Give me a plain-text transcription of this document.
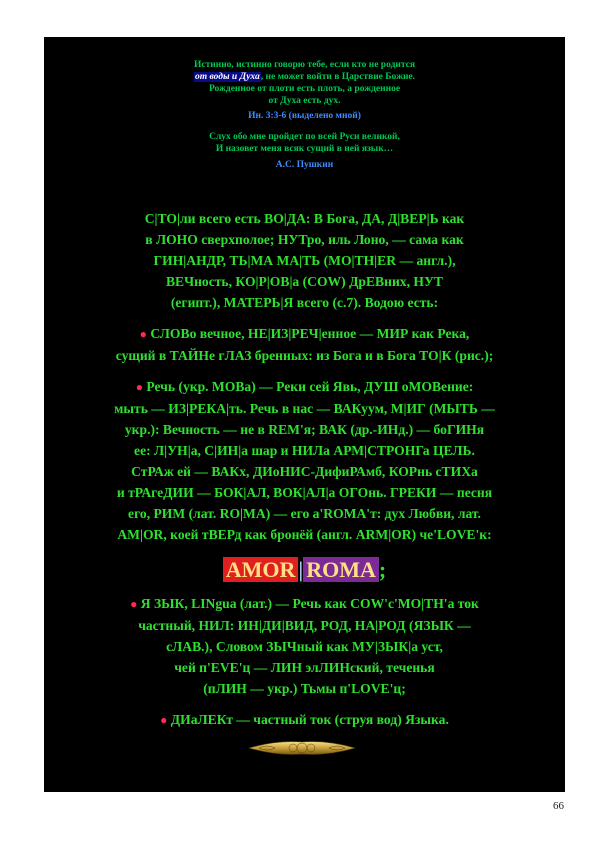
Истинно, истинно говорю тебе, если кто не родится
от воды и Духа, не может войти в Царствие Божие.
Рожденное от плоти есть плоть, а рожденное
от Духа есть дух.
Ин. 3:3-6 (выделено мной)
Слух обо мне пройдет по всей Руси великой,
И назовет меня всяк сущий в ней язык…
А.С. Пушкин
С|ТО|ли всего есть ВО|ДА: В Бога, ДА, Д|ВЕР|Ь как
в ЛОНО сверхполое; НУТро, иль Лоно, — сама как
ГИН|АНДР, ТЬ|МА МА|ТЬ (МО|ТН|ER — англ.),
ВЕЧность, КО|Р|ОВ|а (COW) ДрЕВних, НУТ
(египт.), МАТЕРЬ|Я всего (с.7). Водою есть:
● СЛОВо вечное, НЕ|ИЗ|РЕЧ|енное — МИР как Река,
сущий в ТАЙНе гЛАЗ бренных: из Бога и в Бога ТО|К (рис.);
● Речь (укр. МОВа) — Реки сей Явь, ДУШ оМОВение:
мыть — ИЗ|РЕКА|ть. Речь в нас — ВАКуум, М|ИГ (МЫТЬ —
укр.): Вечность — не в REM'я; ВАК (др.-ИНд.) — боГИНя
ее: Л|УН|а, С|ИН|а шар и НИЛа АРМ|СТРОНГа ЦЕЛЬ.
СтРАж ей — ВАКх, ДИоНИС-ДифиРАмб, КОРнь сТИХа
и тРАгеДИИ — БОК|АЛ, ВОК|АЛ|а ОГОнь. ГРЕКИ — песня
его, РИМ (лат. RO|MA) — его а'ROMA'т: дух Любви, лат.
AM|OR, коей тВЕРд как бронёй (англ. ARM|OR) че'LOVE'к:
AMOR | ROMA ;
● Я ЗЫК, LINgua (лат.) — Речь как COW'с'МО|ТН'а ток
частный, НИЛ: ИН|ДИ|ВИД, РОД, НА|РОД (ЯЗЫК —
сЛАВ.), Словом ЗЫЧный как МУ|ЗЫК|а уст,
чей п'EVE'ц — ЛИН элЛИНский, теченья
(пЛИН — укр.) Тьмы п'LOVE'ц;
● ДИаЛЕКт — частный ток (струя вод) Языка.
66
